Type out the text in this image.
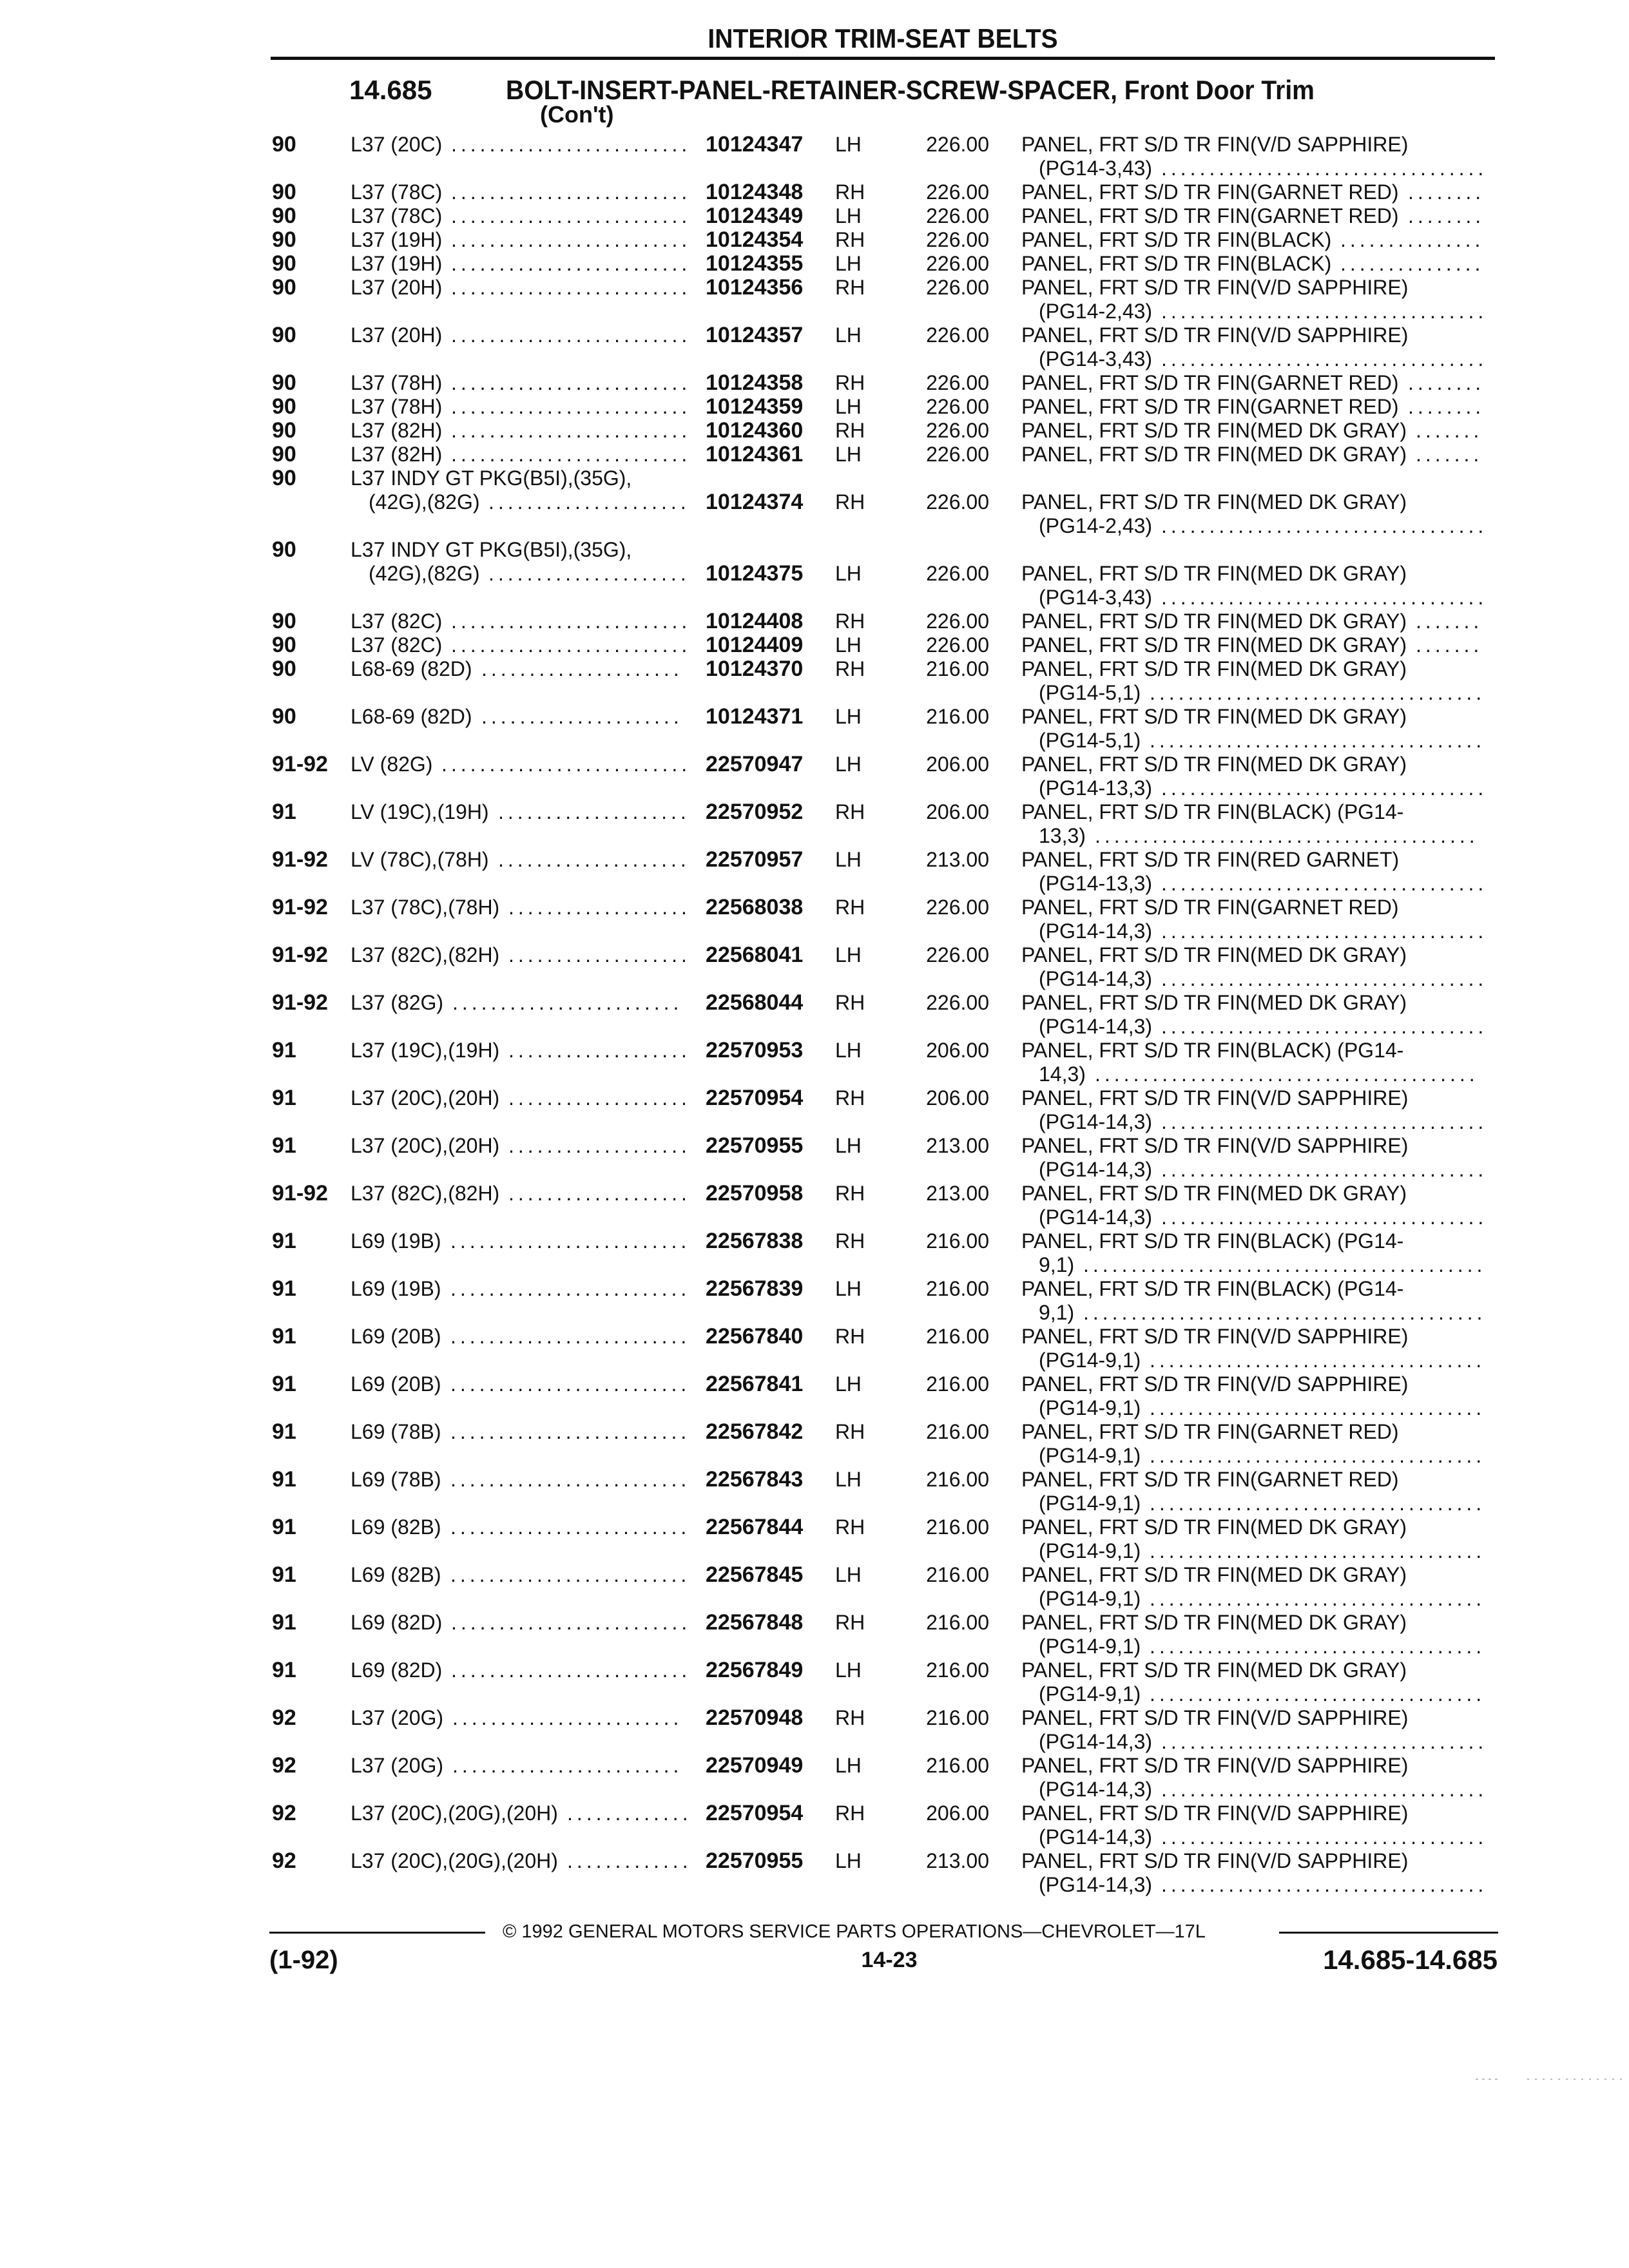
INTERIOR TRIM-SEAT BELTS
14.685	BOLT-INSERT-PANEL-RETAINER-SCREW-SPACER, Front Door Trim
(Con't)
90	L37 (20C) ......................... 10124347 LH	226.00 PANEL, FRT S/D TR FIN(V/D SAPPHIRE)
(PG14-3,43) ..................................
90	L37 (78C) ......................... 10124348 RH	226.00 PANEL, FRT S/D TR FIN(GARNET RED) ........
90	L37 (78C) ......................... 10124349 LH	226.00 PANEL, FRT S/D TR FIN(GARNET RED) ........
90	L37 (19H) ......................... 10124354 RH	226.00 PANEL, FRT S/D TR FIN(BLACK) ...............
90	L37 (19H) ......................... 10124355 LH	226.00 PANEL, FRT S/D TR FIN(BLACK) ...............
90	L37 (20H) ......................... 10124356 RH	226.00 PANEL, FRT S/D TR FIN(V/D SAPPHIRE)
(PG14-2,43) ..................................
90	L37 (20H) ......................... 10124357 LH	226.00 PANEL, FRT S/D TR FIN(V/D SAPPHIRE)
(PG14-3,43) ..................................
90	L37 (78H) ......................... 10124358 RH	226.00 PANEL, FRT S/D TR FIN(GARNET RED) ........
90	L37 (78H) ......................... 10124359 LH	226.00 PANEL, FRT S/D TR FIN(GARNET RED) ........
90	L37 (82H) ......................... 10124360 RH	226.00 PANEL, FRT S/D TR FIN(MED DK GRAY) .......
90	L37 (82H) ......................... 10124361 LH	226.00 PANEL, FRT S/D TR FIN(MED DK GRAY) .......
90	L37 INDY GT PKG(B5I),(35G),
(42G),(82G) ..................... 10124374 RH	226.00 PANEL, FRT S/D TR FIN(MED DK GRAY)
(PG14-2,43) ..................................
90	L37 INDY GT PKG(B5I),(35G),
(42G),(82G) ..................... 10124375 LH	226.00 PANEL, FRT S/D TR FIN(MED DK GRAY)
(PG14-3,43) ..................................
90	L37 (82C) ......................... 10124408 RH	226.00 PANEL, FRT S/D TR FIN(MED DK GRAY) .......
90	L37 (82C) ......................... 10124409 LH	226.00 PANEL, FRT S/D TR FIN(MED DK GRAY) .......
90	L68-69 (82D) ..................... 10124370 RH	216.00 PANEL, FRT S/D TR FIN(MED DK GRAY)
(PG14-5,1) ...................................
90	L68-69 (82D) ..................... 10124371 LH	216.00 PANEL, FRT S/D TR FIN(MED DK GRAY)
(PG14-5,1) ...................................
91-92 LV (82G) .......................... 22570947 LH	206.00 PANEL, FRT S/D TR FIN(MED DK GRAY)
(PG14-13,3) ..................................
91	LV (19C),(19H) .................... 22570952 RH	206.00 PANEL, FRT S/D TR FIN(BLACK) (PG14-
13,3) ........................................
91-92 LV (78C),(78H) .................... 22570957 LH	213.00 PANEL, FRT S/D TR FIN(RED GARNET)
(PG14-13,3) ..................................
91-92 L37 (78C),(78H) ................... 22568038 RH	226.00 PANEL, FRT S/D TR FIN(GARNET RED)
(PG14-14,3) ..................................
91-92 L37 (82C),(82H) ................... 22568041 LH	226.00 PANEL, FRT S/D TR FIN(MED DK GRAY)
(PG14-14,3) ..................................
91-92 L37 (82G) ........................ 22568044 RH	226.00 PANEL, FRT S/D TR FIN(MED DK GRAY)
(PG14-14,3) ..................................
91	L37 (19C),(19H) ................... 22570953 LH	206.00 PANEL, FRT S/D TR FIN(BLACK) (PG14-
14,3) ........................................
91	L37 (20C),(20H) ................... 22570954 RH	206.00 PANEL, FRT S/D TR FIN(V/D SAPPHIRE)
(PG14-14,3) ..................................
91	L37 (20C),(20H) ................... 22570955 LH	213.00 PANEL, FRT S/D TR FIN(V/D SAPPHIRE)
(PG14-14,3) ..................................
91-92 L37 (82C),(82H) ................... 22570958 RH	213.00 PANEL, FRT S/D TR FIN(MED DK GRAY)
(PG14-14,3) ..................................
91	L69 (19B) ......................... 22567838 RH	216.00 PANEL, FRT S/D TR FIN(BLACK) (PG14-
9,1) ..........................................
91	L69 (19B) ......................... 22567839 LH	216.00 PANEL, FRT S/D TR FIN(BLACK) (PG14-
9,1) ..........................................
91	L69 (20B) ......................... 22567840 RH	216.00 PANEL, FRT S/D TR FIN(V/D SAPPHIRE)
(PG14-9,1) ...................................
91	L69 (20B) ......................... 22567841 LH	216.00 PANEL, FRT S/D TR FIN(V/D SAPPHIRE)
(PG14-9,1) ...................................
91	L69 (78B) ......................... 22567842 RH	216.00 PANEL, FRT S/D TR FIN(GARNET RED)
(PG14-9,1) ...................................
91	L69 (78B) ......................... 22567843 LH	216.00 PANEL, FRT S/D TR FIN(GARNET RED)
(PG14-9,1) ...................................
91	L69 (82B) ......................... 22567844 RH	216.00 PANEL, FRT S/D TR FIN(MED DK GRAY)
(PG14-9,1) ...................................
91	L69 (82B) ......................... 22567845 LH	216.00 PANEL, FRT S/D TR FIN(MED DK GRAY)
(PG14-9,1) ...................................
91	L69 (82D) ......................... 22567848 RH	216.00 PANEL, FRT S/D TR FIN(MED DK GRAY)
(PG14-9,1) ...................................
91	L69 (82D) ......................... 22567849 LH	216.00 PANEL, FRT S/D TR FIN(MED DK GRAY)
(PG14-9,1) ...................................
92	L37 (20G) ........................ 22570948 RH	216.00 PANEL, FRT S/D TR FIN(V/D SAPPHIRE)
(PG14-14,3) ..................................
92	L37 (20G) ........................ 22570949 LH	216.00 PANEL, FRT S/D TR FIN(V/D SAPPHIRE)
(PG14-14,3) ..................................
92	L37 (20C),(20G),(20H) ............. 22570954 RH	206.00 PANEL, FRT S/D TR FIN(V/D SAPPHIRE)
(PG14-14,3) ..................................
92	L37 (20C),(20G),(20H) ............. 22570955 LH	213.00 PANEL, FRT S/D TR FIN(V/D SAPPHIRE)
(PG14-14,3) ..................................
© 1992 GENERAL MOTORS SERVICE PARTS OPERATIONS—CHEVROLET—17L
(1-92)	14-23	14.685-14.685
